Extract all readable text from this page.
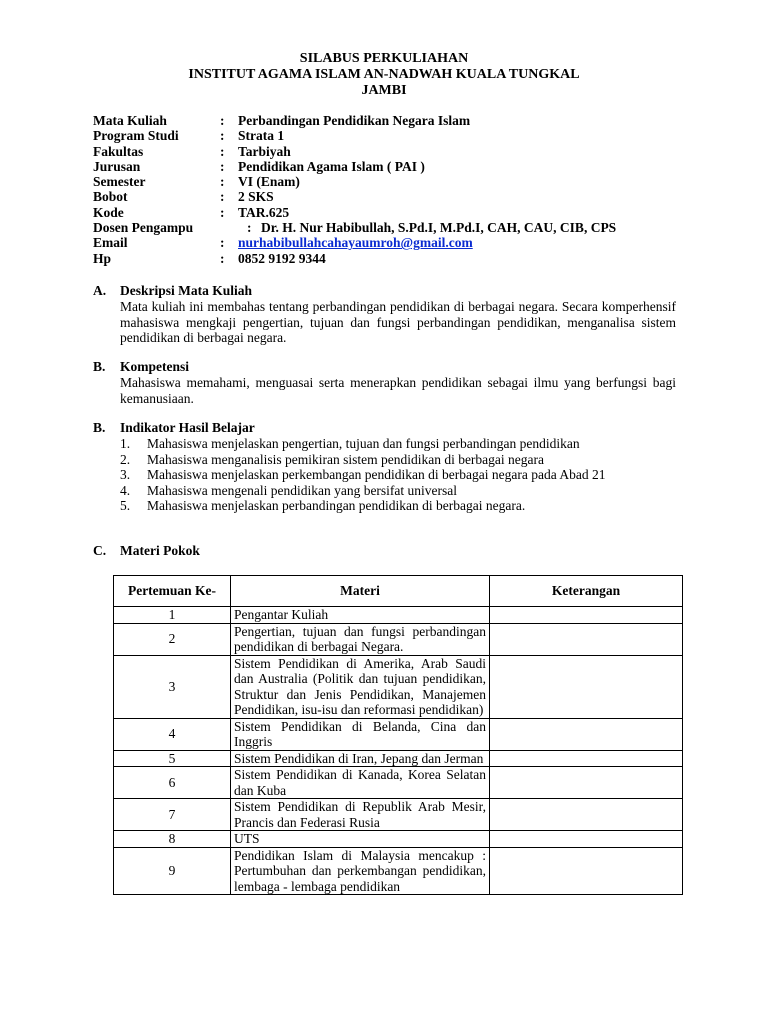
SILABUS PERKULIAHAN
INSTITUT AGAMA ISLAM AN-NADWAH KUALA TUNGKAL
JAMBI
Mata Kuliah	: Perbandingan Pendidikan Negara Islam
Program Studi	: Strata 1
Fakultas	: Tarbiyah
Jurusan	: Pendidikan Agama Islam ( PAI )
Semester	: VI (Enam)
Bobot	: 2 SKS
Kode	: TAR.625
Dosen Pengampu	: Dr. H. Nur Habibullah, S.Pd.I, M.Pd.I, CAH, CAU, CIB, CPS
Email	: nurhabibullahcahayaumroh@gmail.com
Hp	: 0852 9192 9344
A. Deskripsi Mata Kuliah
Mata kuliah ini membahas tentang perbandingan pendidikan di berbagai negara. Secara komperhensif mahasiswa mengkaji pengertian, tujuan dan fungsi perbandingan pendidikan, menganalisa sistem pendidikan di berbagai negara.
B. Kompetensi
Mahasiswa memahami, menguasai serta menerapkan pendidikan sebagai ilmu yang berfungsi bagi kemanusiaan.
B. Indikator Hasil Belajar
1. Mahasiswa menjelaskan pengertian, tujuan dan fungsi perbandingan pendidikan
2. Mahasiswa menganalisis pemikiran sistem pendidikan di berbagai negara
3. Mahasiswa menjelaskan perkembangan pendidikan di berbagai negara pada Abad 21
4. Mahasiswa mengenali pendidikan yang bersifat universal
5. Mahasiswa menjelaskan perbandingan pendidikan di berbagai negara.
C. Materi Pokok
Pertemuan Ke-	Materi	Keterangan
1	Pengantar Kuliah	
2	Pengertian, tujuan dan fungsi perbandingan pendidikan di berbagai Negara.	
3	Sistem Pendidikan di Amerika, Arab Saudi dan Australia (Politik dan tujuan pendidikan, Struktur dan Jenis Pendidikan, Manajemen Pendidikan, isu-isu dan reformasi pendidikan)	
4	Sistem Pendidikan di Belanda, Cina dan Inggris	
5	Sistem Pendidikan di Iran, Jepang dan Jerman	
6	Sistem Pendidikan di Kanada, Korea Selatan dan Kuba	
7	Sistem Pendidikan di Republik Arab Mesir, Prancis dan Federasi Rusia	
8	UTS	
9	Pendidikan Islam di Malaysia mencakup : Pertumbuhan dan perkembangan pendidikan, lembaga - lembaga pendidikan	
